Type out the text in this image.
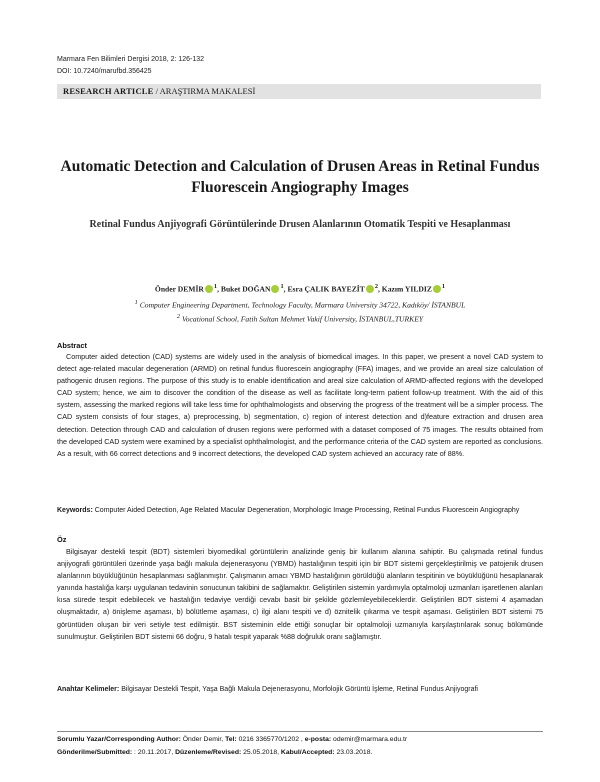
Marmara Fen Bilimleri Dergisi 2018, 2: 126-132
DOI: 10.7240/marufbd.356425
RESEARCH ARTICLE / ARAŞTIRMA MAKALESİ
Automatic Detection and Calculation of Drusen Areas in Retinal Fundus Fluorescein Angiography Images
Retinal Fundus Anjiyografi Görüntülerinde Drusen Alanlarının Otomatik Tespiti ve Hesaplanması
Önder DEMİR $^1$, Buket DOĞAN $^1$, Esra ÇALIK BAYEZİT $^2$, Kazım YILDIZ $^1$
$^1$ Computer Engineering Department, Technology Faculty, Marmara University 34722, Kadıköy/ İSTANBUL
$^2$ Vocational School, Fatih Sultan Mehmet Vakif University, İSTANBUL,TURKEY
Abstract
Computer aided detection (CAD) systems are widely used in the analysis of biomedical images. In this paper, we present a novel CAD system to detect age-related macular degeneration (ARMD) on retinal fundus fluorescein angiography (FFA) images, and we provide an areal size calculation of pathogenic drusen regions. The purpose of this study is to enable identification and areal size calculation of ARMD-affected regions with the developed CAD system; hence, we aim to discover the condition of the disease as well as facilitate long-term patient follow-up treatment. With the aid of this system, assessing the marked regions will take less time for ophthalmologists and observing the progress of the treatment will be a simpler process. The CAD system consists of four stages, a) preprocessing, b) segmentation, c) region of interest detection and d)feature extraction and drusen area detection. Detection through CAD and calculation of drusen regions were performed with a dataset composed of 75 images. The results obtained from the developed CAD system were examined by a specialist ophthalmologist, and the performance criteria of the CAD system are reported as conclusions. As a result, with 66 correct detections and 9 incorrect detections, the developed CAD system achieved an accuracy rate of 88%.
Keywords: Computer Aided Detection, Age Related Macular Degeneration, Morphologic Image Processing, Retinal Fundus Fluorescein Angiography
Öz
Bilgisayar destekli tespit (BDT) sistemleri biyomedikal görüntülerin analizinde geniş bir kullanım alanına sahiptir. Bu çalışmada retinal fundus anjiyografi görüntüleri üzerinde yaşa bağlı makula dejenerasyonu (YBMD) hastalığının tespiti için bir BDT sistemi gerçekleştirilmiş ve patojenik drusen alanlarının büyüklüğünün hesaplanması sağlanmıştır. Çalışmanın amacı YBMD hastalığının görüldüğü alanların tespitinin ve büyüklüğünü hesaplanarak yanında hastalığa karşı uygulanan tedavinin sonucunun takibini de sağlamaktır. Geliştirilen sistemin yardımıyla optalmoloji uzmanları işaretlenen alanları kısa sürede tespit edebilecek ve hastalığın tedaviye verdiği cevabı basit bir şekilde gözlemleyebileceklerdir. Geliştirilen BDT sistemi 4 aşamadan oluşmaktadır, a) önişleme aşaması, b) bölütleme aşaması, c) ilgi alanı tespiti ve d) öznitelik çıkarma ve tespit aşaması. Geliştirilen BDT sistemi 75 görüntüden oluşan bir veri setiyle test edilmiştir. BST sisteminin elde ettiği sonuçlar bir optalmoloji uzmanıyla karşılaştırılarak sonuç bölümünde sunulmuştur. Geliştirilen BDT sistemi 66 doğru, 9 hatalı tespit yaparak %88 doğruluk oranı sağlamıştır.
Anahtar Kelimeler: Bilgisayar Destekli Tespit, Yaşa Bağlı Makula Dejenerasyonu, Morfolojik Görüntü İşleme, Retinal Fundus Anjiyografi
Sorumlu Yazar/Corresponding Author: Önder Demir, Tel: 0216 3365770/1202 , e-posta: odemir@marmara.edu.tr
Gönderilme/Submitted: : 20.11.2017, Düzenleme/Revised: 25.05.2018, Kabul/Accepted: 23.03.2018.
